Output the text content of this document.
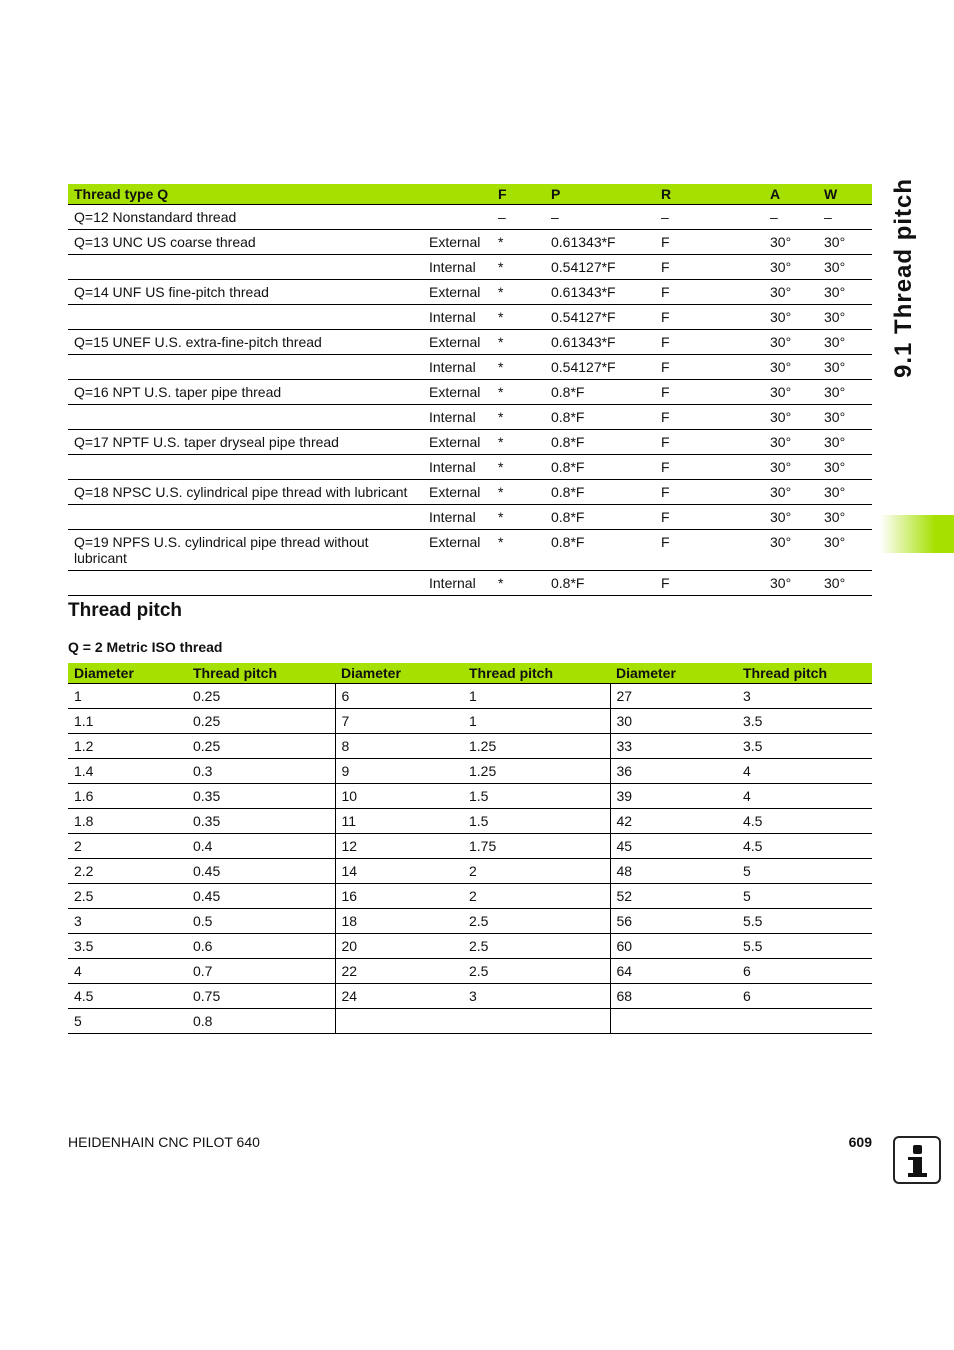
Thread type Q		F	P	R	A	W
Q=12 Nonstandard thread		–	–	–	–	–
Q=13 UNC US coarse thread	External	*	0.61343*F	F	30°	30°
	Internal	*	0.54127*F	F	30°	30°
Q=14 UNF US fine-pitch thread	External	*	0.61343*F	F	30°	30°
	Internal	*	0.54127*F	F	30°	30°
Q=15 UNEF U.S. extra-fine-pitch thread	External	*	0.61343*F	F	30°	30°
	Internal	*	0.54127*F	F	30°	30°
Q=16 NPT U.S. taper pipe thread	External	*	0.8*F	F	30°	30°
	Internal	*	0.8*F	F	30°	30°
Q=17 NPTF U.S. taper dryseal pipe thread	External	*	0.8*F	F	30°	30°
	Internal	*	0.8*F	F	30°	30°
Q=18 NPSC U.S. cylindrical pipe thread with lubricant	External	*	0.8*F	F	30°	30°
	Internal	*	0.8*F	F	30°	30°
Q=19 NPFS U.S. cylindrical pipe thread without lubricant	External	*	0.8*F	F	30°	30°
	Internal	*	0.8*F	F	30°	30°
Thread pitch
Q = 2 Metric ISO thread
Diameter	Thread pitch	Diameter	Thread pitch	Diameter	Thread pitch
1	0.25	6	1	27	3
1.1	0.25	7	1	30	3.5
1.2	0.25	8	1.25	33	3.5
1.4	0.3	9	1.25	36	4
1.6	0.35	10	1.5	39	4
1.8	0.35	11	1.5	42	4.5
2	0.4	12	1.75	45	4.5
2.2	0.45	14	2	48	5
2.5	0.45	16	2	52	5
3	0.5	18	2.5	56	5.5
3.5	0.6	20	2.5	60	5.5
4	0.7	22	2.5	64	6
4.5	0.75	24	3	68	6
5	0.8				
9.1 Thread pitch
HEIDENHAIN CNC PILOT 640	609
